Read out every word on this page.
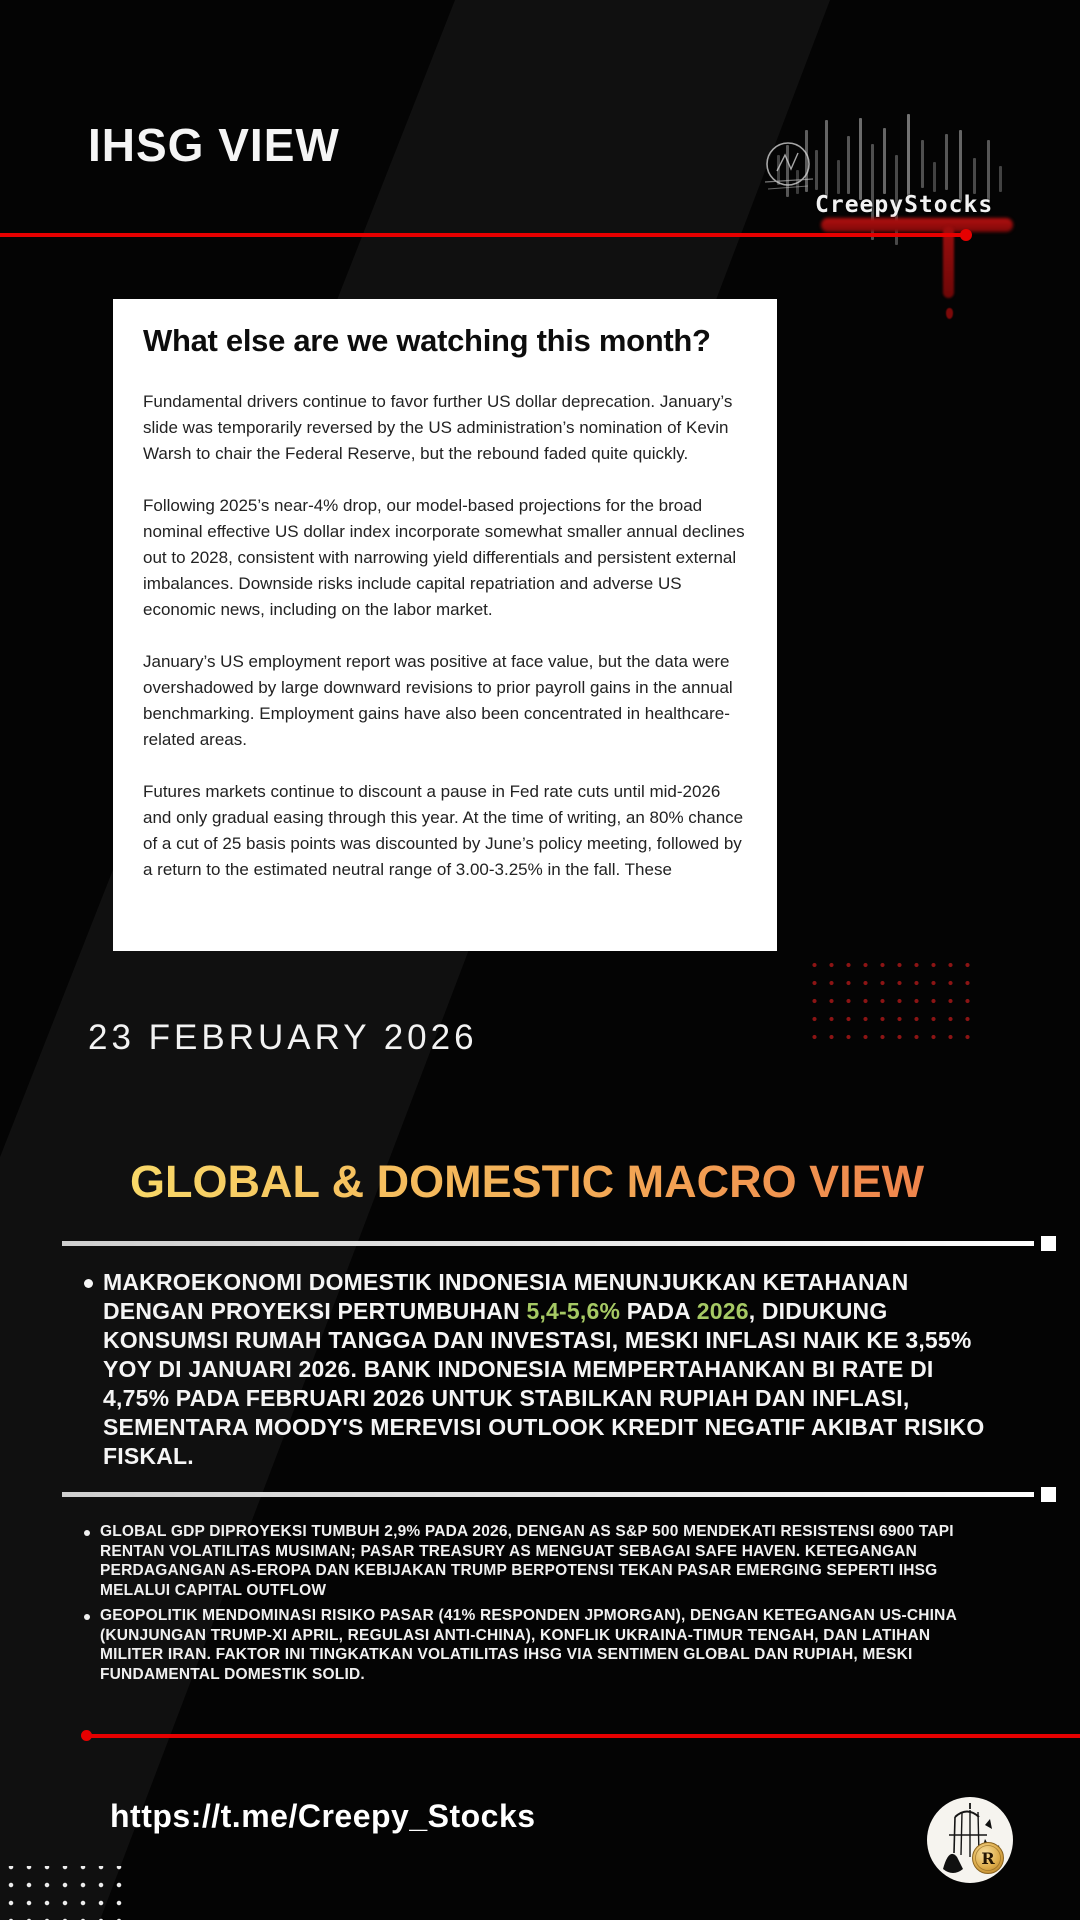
IHSG VIEW
CreepyStocks
What else are we watching this month?

Fundamental drivers continue to favor further US dollar deprecation. January’s slide was temporarily reversed by the US administration’s nomination of Kevin Warsh to chair the Federal Reserve, but the rebound faded quite quickly.

Following 2025’s near-4% drop, our model-based projections for the broad nominal effective US dollar index incorporate somewhat smaller annual declines out to 2028, consistent with narrowing yield differentials and persistent external imbalances. Downside risks include capital repatriation and adverse US economic news, including on the labor market.

January’s US employment report was positive at face value, but the data were overshadowed by large downward revisions to prior payroll gains in the annual benchmarking. Employment gains have also been concentrated in healthcare-related areas.

Futures markets continue to discount a pause in Fed rate cuts until mid-2026 and only gradual easing through this year. At the time of writing, an 80% chance of a cut of 25 basis points was discounted by June’s policy meeting, followed by a return to the estimated neutral range of 3.00-3.25% in the fall. These

23 FEBRUARY 2026
GLOBAL & DOMESTIC MACRO VIEW
MAKROEKONOMI DOMESTIK INDONESIA MENUNJUKKAN KETAHANAN DENGAN PROYEKSI PERTUMBUHAN 5,4-5,6% PADA 2026, DIDUKUNG KONSUMSI RUMAH TANGGA DAN INVESTASI, MESKI INFLASI NAIK KE 3,55% YOY DI JANUARI 2026. BANK INDONESIA MEMPERTAHANKAN BI RATE DI 4,75% PADA FEBRUARI 2026 UNTUK STABILKAN RUPIAH DAN INFLASI, SEMENTARA MOODY'S MEREVISI OUTLOOK KREDIT NEGATIF AKIBAT RISIKO FISKAL.
GLOBAL GDP DIPROYEKSI TUMBUH 2,9% PADA 2026, DENGAN AS S&P 500 MENDEKATI RESISTENSI 6900 TAPI RENTAN VOLATILITAS MUSIMAN; PASAR TREASURY AS MENGUAT SEBAGAI SAFE HAVEN. KETEGANGAN PERDAGANGAN AS-EROPA DAN KEBIJAKAN TRUMP BERPOTENSI TEKAN PASAR EMERGING SEPERTI IHSG MELALUI CAPITAL OUTFLOW
GEOPOLITIK MENDOMINASI RISIKO PASAR (41% RESPONDEN JPMORGAN), DENGAN KETEGANGAN US-CHINA (KUNJUNGAN TRUMP-XI APRIL, REGULASI ANTI-CHINA), KONFLIK UKRAINA-TIMUR TENGAH, DAN LATIHAN MILITER IRAN. FAKTOR INI TINGKATKAN VOLATILITAS IHSG VIA SENTIMEN GLOBAL DAN RUPIAH, MESKI FUNDAMENTAL DOMESTIK SOLID.
https://t.me/Creepy_Stocks
R
